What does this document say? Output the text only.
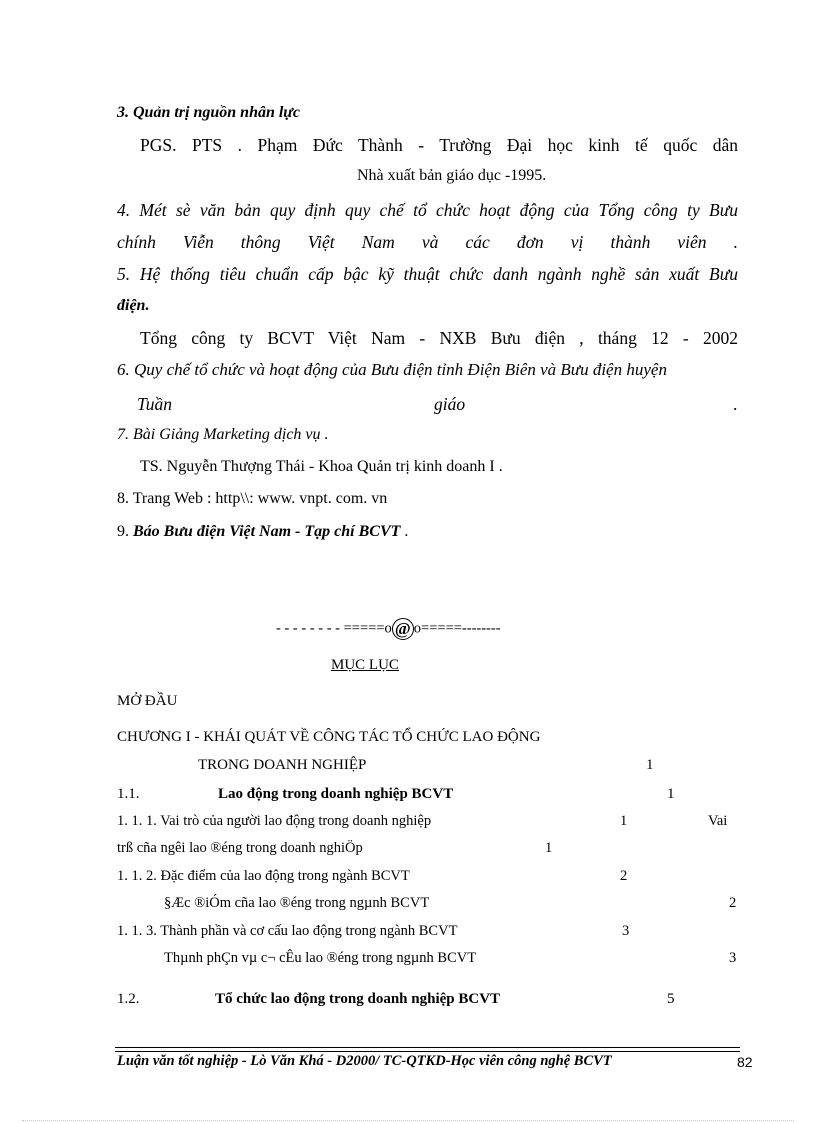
3. Quản trị nguồn nhân lực
PGS. PTS . Phạm Đức Thành - Trường Đại học kinh tế quốc dân
Nhà xuất bản giáo dục -1995.
4. Mét sè văn bản quy định quy chế tổ chức hoạt động của Tổng công ty Bưu
chính Viễn thông Việt Nam và các đơn vị thành viên .
5. Hệ thống tiêu chuẩn cấp bậc kỹ thuật chức danh ngành nghề sản xuất Bưu
điện.
Tổng công ty BCVT Việt Nam - NXB Bưu điện , tháng 12 - 2002
6. Quy chế tổ chức và hoạt động của Bưu điện tỉnh Điện Biên và Bưu điện huyện
Tuần	giáo	.
7. Bài Giảng Marketing dịch vụ .
TS. Nguyễn Thượng Thái - Khoa Quản trị kinh doanh I .
8. Trang Web : http\\: www. vnpt. com. vn
9. Báo Bưu điện Việt Nam - Tạp chí BCVT .
- - - - - - - - =====o @ o=====--------
MỤC LỤC
MỞ ĐẦU
CHƯƠNG I - KHÁI QUÁT VỀ CÔNG TÁC TỔ CHỨC LAO ĐỘNG
TRONG DOANH NGHIỆP	1
1.1.	Lao động trong doanh nghiệp BCVT	1
1. 1. 1. Vai trò của người lao động trong doanh nghiệp	1	Vai
trß cña ngêi lao ®éng trong doanh nghiÖp	1
1. 1. 2. Đặc điểm của lao động trong ngành BCVT	2
§Æc ®iÓm cña lao ®éng trong ngµnh BCVT	2
1. 1. 3. Thành phần và cơ cấu lao động trong ngành BCVT	3
Thµnh phÇn vµ c¬ cÊu lao ®éng trong ngµnh BCVT	3
1.2.	Tổ chức lao động trong doanh nghiệp BCVT	5
Luận văn tốt nghiệp - Lò Văn Khá - D2000/ TC-QTKD-Học viên công nghệ BCVT	82
